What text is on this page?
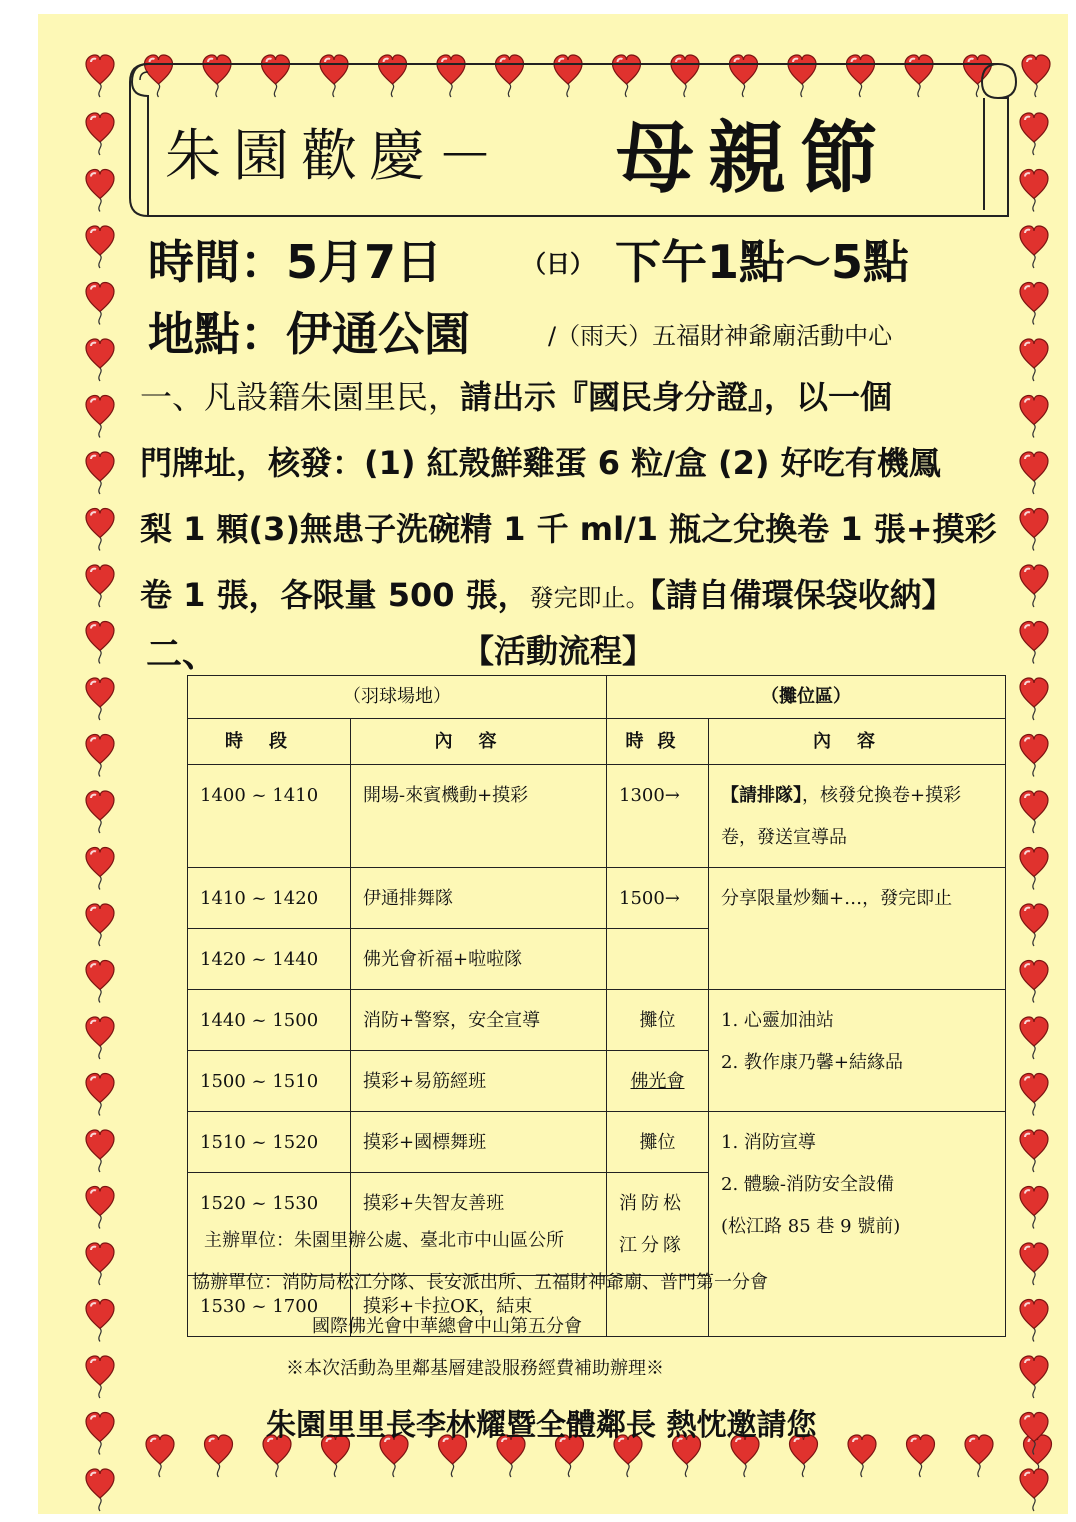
朱園歡慶－ 母親節
時間：5月7日	（日） 下午1點～5點
地點：伊通公園	/（雨天）五福財神爺廟活動中心
一、凡設籍朱園里民，請出示『國民身分證』，以一個
門牌址，核發：(1) 紅殼鮮雞蛋 6 粒/盒 (2) 好吃有機鳳
梨 1 顆(3)無患子洗碗精 1 千 ml/1 瓶之兌換卷 1 張+摸彩
卷 1 張，各限量 500 張，發完即止。【請自備環保袋收納】
二、	【活動流程】
（羽球場地）		（攤位區）	
時段	內容	時段	內容
1400 ~ 1410	開場-來賓機動+摸彩	1300→	【請排隊】，核發兌換卷+摸彩卷，發送宣導品
1410 ~ 1420	伊通排舞隊	1500→	分享限量炒麵+…，發完即止
1420 ~ 1440	佛光會祈福+啦啦隊		
1440 ~ 1500	消防+警察，安全宣導	攤位	1. 心靈加油站
2. 教作康乃馨+結緣品

1500 ~ 1510	摸彩+易筋經班	佛光會	
1510 ~ 1520	摸彩+國標舞班	攤位	1. 消防宣導
2. 體驗-消防安全設備
(松江路 85 巷 9 號前)

1520 ~ 1530	摸彩+失智友善班	消防松江分隊	
1530 ~ 1700	摸彩+卡拉OK，結束		
主辦單位：朱園里辦公處、臺北市中山區公所
協辦單位：消防局松江分隊、長安派出所、五福財神爺廟、普門第一分會
國際佛光會中華總會中山第五分會
※本次活動為里鄰基層建設服務經費補助辦理※
朱園里里長李林耀暨全體鄰長 熱忱邀請您
